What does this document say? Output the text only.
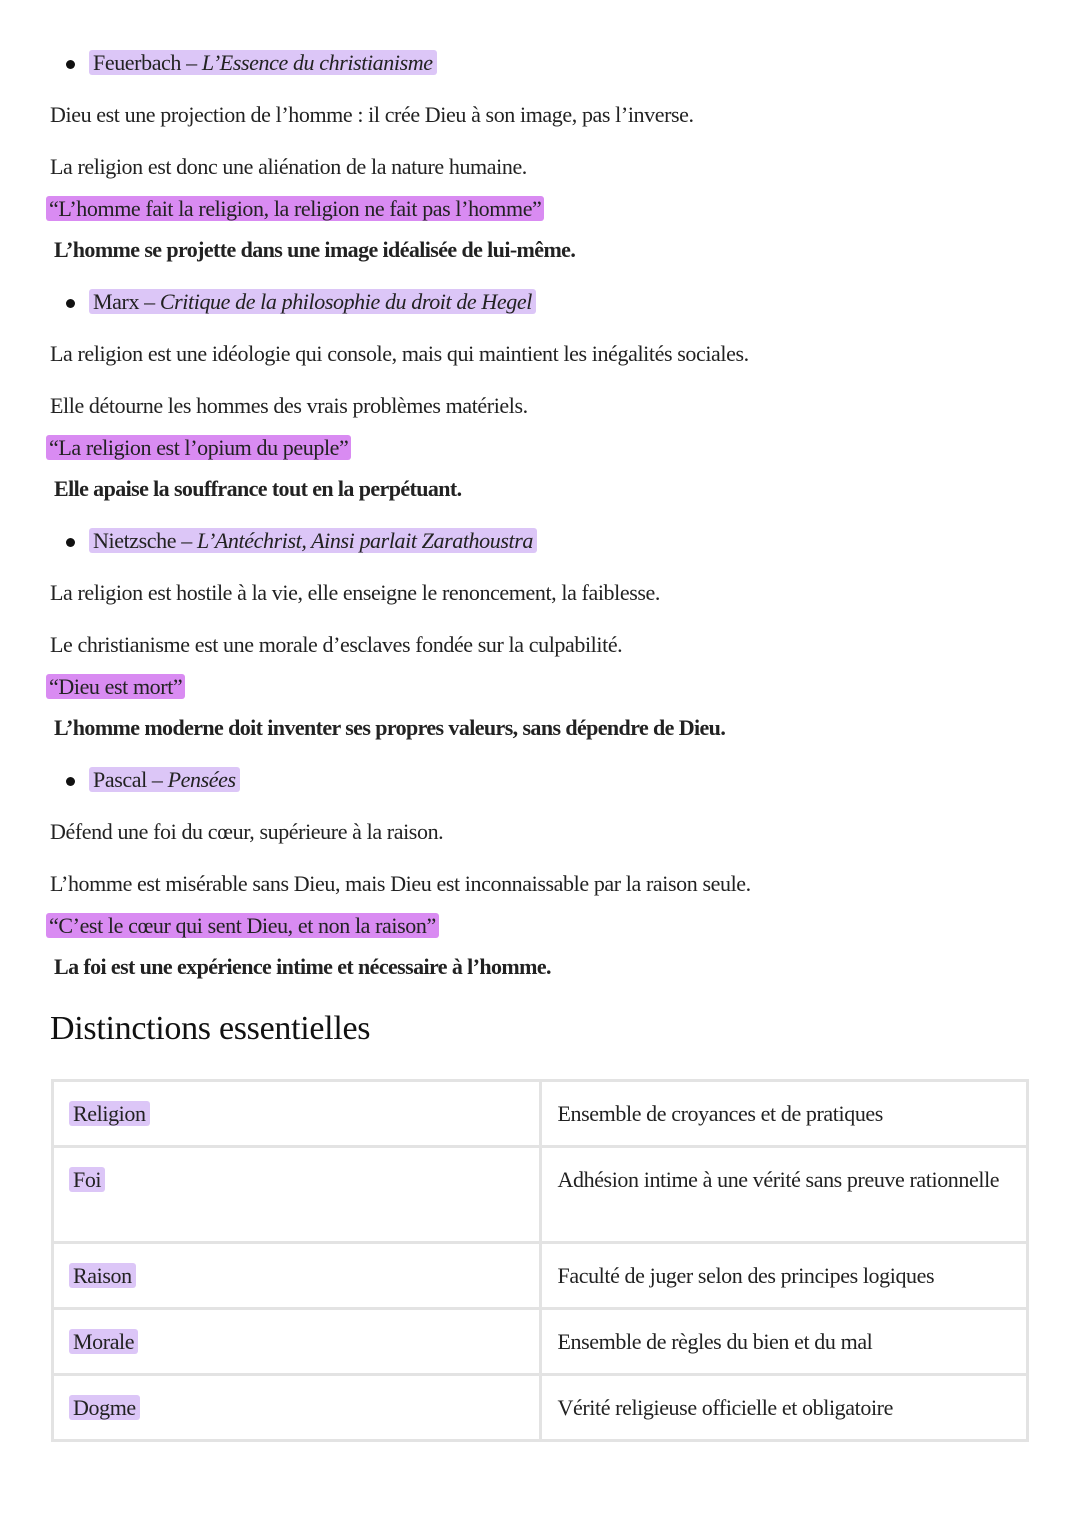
Feuerbach – L’Essence du christianisme
Dieu est une projection de l’homme : il crée Dieu à son image, pas l’inverse.
La religion est donc une aliénation de la nature humaine.
“L’homme fait la religion, la religion ne fait pas l’homme”
L’homme se projette dans une image idéalisée de lui-même.
Marx – Critique de la philosophie du droit de Hegel
La religion est une idéologie qui console, mais qui maintient les inégalités sociales.
Elle détourne les hommes des vrais problèmes matériels.
“La religion est l’opium du peuple”
Elle apaise la souffrance tout en la perpétuant.
Nietzsche – L’Antéchrist, Ainsi parlait Zarathoustra
La religion est hostile à la vie, elle enseigne le renoncement, la faiblesse.
Le christianisme est une morale d’esclaves fondée sur la culpabilité.
“Dieu est mort”
L’homme moderne doit inventer ses propres valeurs, sans dépendre de Dieu.
Pascal – Pensées
Défend une foi du cœur, supérieure à la raison.
L’homme est misérable sans Dieu, mais Dieu est inconnaissable par la raison seule.
“C’est le cœur qui sent Dieu, et non la raison”
La foi est une expérience intime et nécessaire à l’homme.
Distinctions essentielles
Religion	Ensemble de croyances et de pratiques
Foi	Adhésion intime à une vérité sans preuve rationnelle
Raison	Faculté de juger selon des principes logiques
Morale	Ensemble de règles du bien et du mal
Dogme	Vérité religieuse officielle et obligatoire
